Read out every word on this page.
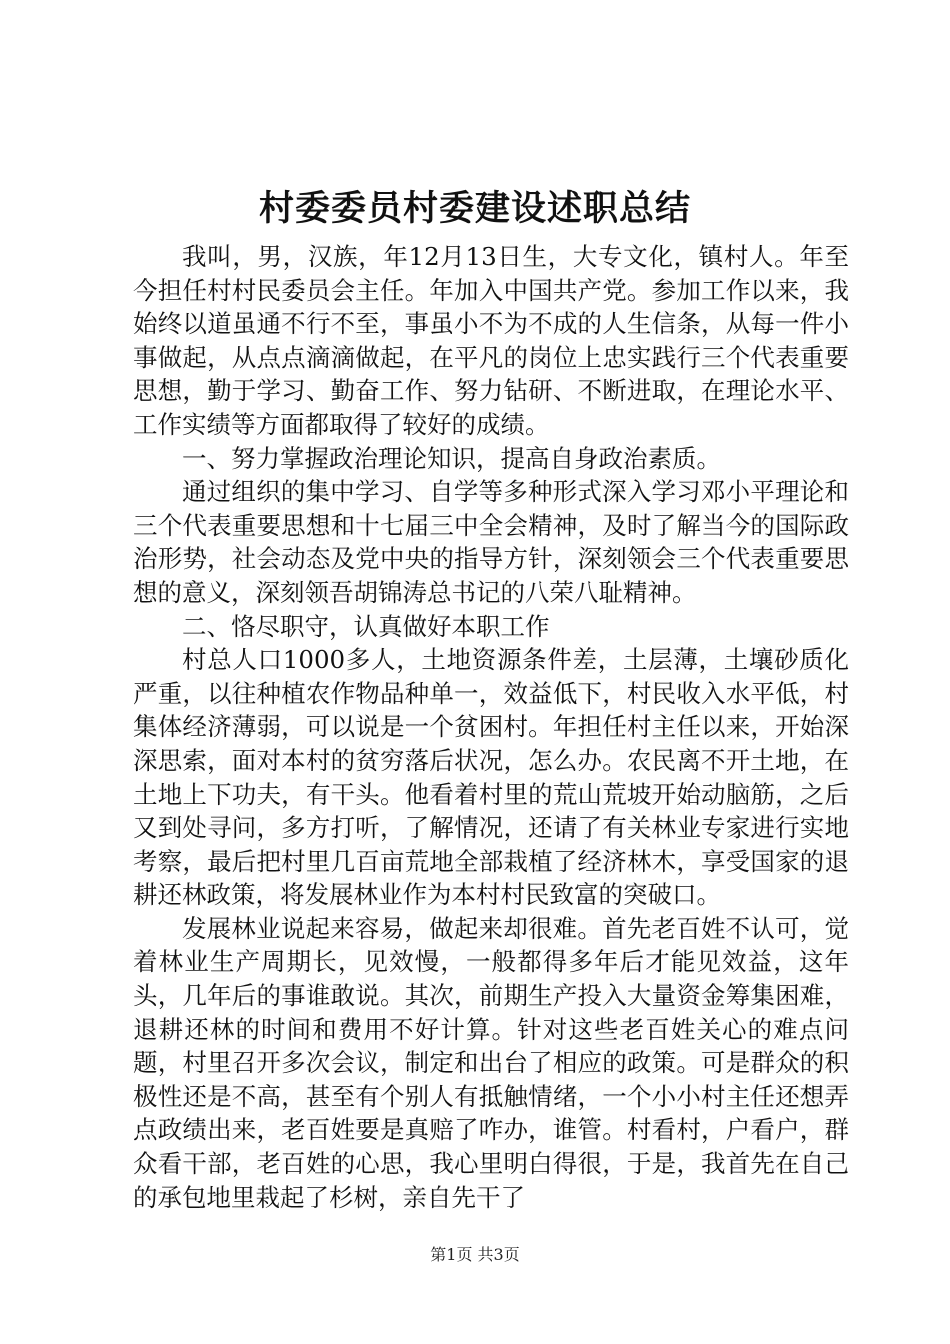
村委委员村委建设述职总结

我叫，男，汉族，年12月13日生，大专文化，镇村人。年至今担任村村民委员会主任。年加入中国共产党。参加工作以来，我始终以道虽通不行不至，事虽小不为不成的人生信条，从每一件小事做起，从点点滴滴做起，在平凡的岗位上忠实践行三个代表重要思想，勤于学习、勤奋工作、努力钻研、不断进取，在理论水平、工作实绩等方面都取得了较好的成绩。

一、努力掌握政治理论知识，提高自身政治素质。

通过组织的集中学习、自学等多种形式深入学习邓小平理论和三个代表重要思想和十七届三中全会精神，及时了解当今的国际政治形势，社会动态及党中央的指导方针，深刻领会三个代表重要思想的意义，深刻领吾胡锦涛总书记的八荣八耻精神。

二、恪尽职守，认真做好本职工作

村总人口1000多人，土地资源条件差，土层薄，土壤砂质化严重，以往种植农作物品种单一，效益低下，村民收入水平低，村集体经济薄弱，可以说是一个贫困村。年担任村主任以来，开始深深思索，面对本村的贫穷落后状况，怎么办。农民离不开土地，在土地上下功夫，有干头。他看着村里的荒山荒坡开始动脑筋，之后又到处寻问，多方打听，了解情况，还请了有关林业专家进行实地考察，最后把村里几百亩荒地全部栽植了经济林木，享受国家的退耕还林政策，将发展林业作为本村村民致富的突破口。

发展林业说起来容易，做起来却很难。首先老百姓不认可，觉着林业生产周期长，见效慢，一般都得多年后才能见效益，这年头，几年后的事谁敢说。其次，前期生产投入大量资金筹集困难，退耕还林的时间和费用不好计算。针对这些老百姓关心的难点问题，村里召开多次会议，制定和出台了相应的政策。可是群众的积极性还是不高，甚至有个别人有抵触情绪，一个小小村主任还想弄点政绩出来，老百姓要是真赔了咋办，谁管。村看村，户看户，群众看干部，老百姓的心思，我心里明白得很，于是，我首先在自己的承包地里栽起了杉树，亲自先干了

第1页 共3页
